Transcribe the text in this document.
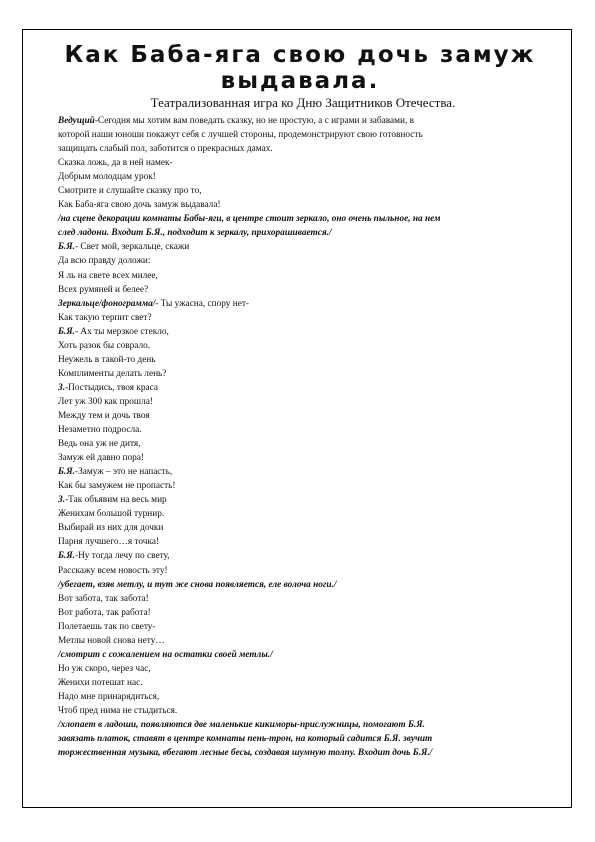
Как Баба-яга свою дочь замуж
выдавала.
Театрализованная игра ко Дню Защитников Отечества.
Ведущий-Сегодня мы хотим вам поведать сказку, но не простую, а с играми и забавами, в
которой наши юноши покажут себя с лучшей стороны, продемонстрируют свою готовность
защищать слабый пол, заботится о прекрасных дамах.
Сказка ложь, да в ней намек-
Добрым молодцам урок!
Смотрите и слушайте сказку про то,
Как Баба-яга свою дочь замуж выдавала!
/на сцене декорации комнаты Бабы-яги, в центре стоит зеркало, оно очень пыльное, на нем
след ладони. Входит Б.Я., подходит к зеркалу, прихорашивается./
Б.Я.- Свет мой, зеркальце, скажи
Да всю правду доложи:
Я ль на свете всех милее,
Всех румяней и белее?
Зеркальце/фонограмма/- Ты ужасна, спору нет-
Как такую терпит свет?
Б.Я.- Ах ты мерзкое стекло,
Хоть разок бы соврало.
Неужель в такой-то день
Комплименты делать лень?
З.-Постыдись, твоя краса
Лет уж 300 как прошла!
Между тем и дочь твоя
Незаметно подросла.
Ведь она уж не дитя,
Замуж ей давно пора!
Б.Я.-Замуж – это не напасть,
Как бы замужем не пропасть!
З.-Так объявим на весь мир
Женихам большой турнир.
Выбирай из них для дочки
Парня лучшего…я точка!
Б.Я.-Ну тогда лечу по свету,
Расскажу всем новость эту!
/убегает, взяв метлу, и тут же снова появляется, еле волоча ноги./
Вот забота, так забота!
Вот работа, так работа!
Полетаешь так по свету-
Метлы новой снова нету…
/смотрит с сожалением на остатки своей метлы./
Но уж скоро, через час,
Женихи потешат нас.
Надо мне принарядиться,
Чтоб пред нима не стыдиться.
/хлопает в ладоши, появляются две маленькие кикиморы-прислужницы, помогают Б.Я.
завязать платок, ставят в центре комнаты пень-трон, на который садится Б.Я. звучит
торжественная музыка, вбегают лесные бесы, создавая шумную толпу. Входит дочь Б.Я./
